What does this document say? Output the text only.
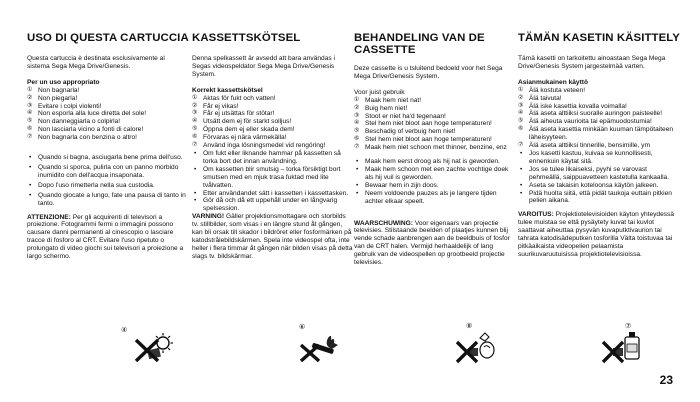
USO DI QUESTA CARTUCCIA

Questa cartuccia è destinata esclusivamente al sistema Sega Mega Drive/Genesis.

Per un uso appropriato

① Non bagnarla!
② Non piegarla!
③ Evitare i colpi violenti!
④ Non esporla alla luce diretta del sole!
⑤ Non danneggiarla o colpirla!
⑥ Non lasciarla vicino a fonti di calore!
⑦ Non bagnarla con benzina o altro!
• Quando si bagna, asciugarla bene prima dell'uso.
• Quando si sporca, pulirla con un panno morbido inumidito con dell'acqua insaponata.
• Dopo l'uso rimetterla nella sua custodia.
• Quando giocate a lungo, fate una pausa di tanto in tanto.

ATTENZIONE: Per gli acquirenti di televisori a proiezione. Fotogrammi fermi o immagini possono causare danni permanenti al cinescopio o lasciare tracce di fosforo al CRT. Evitare l'uso ripetuto o prolungato di video giochi sui televisori a proiezione a largo schermo.

KASSETTSKÖTSEL

Denna spelkassett är avsedd att bara användas i Segas videospeldator Sega Mega Drive/Genesis System.

Korrekt kassettskötsel

① Aktas för fukt och vatten!
② Får ej vikas!
③ Får ej utsättas för stötar!
④ Utsätt dem ej för starkt solljus!
⑤ Öppna dem ej eller skada dem!
⑥ Förvaras ej nära värmekälla!
⑦ Använd inga lösningsmedel vid rengöring!
• Om fukt eller liknande hammar på kassetten så torka bort det innan användning.
• Om kassetten blir smutsig – torka försiktigt bort smutsen med en mjuk trasa fuktad med lite tvålvatten.
• Etter användandet sätt i kassetten i kassettasken.
• Gör då och då ett uppehåll under en långvarig spelsession.

VARNING! Gäller projektionsmottagare och storbilds tv. stillbilder, som visas i en längre stund åt gången, kan bli orsak till skador i bildröret eller fosformärken på katodstrålebildskärmen. Spela inte videospel ofta, inte heller i flera timmar åt gången när bilden visas på detta slags tv. bildskärmar.

BEHANDELING VAN DE CASSETTE

Deze cassette is u tsluitend bedoeld voor het Sega Mega Drive/Genesis System.

Voor juist gebruik

① Maak hem niet nat!
② Buig hem niet!
③ Stoot er niet ha'd tegenaan!
④ Stel hem niet bloot aan hoge temperaturen!
⑤ Beschadig of verbuig hem niet!
⑥ Stel hem niet bloot aan hoge temperaturen!
⑦ Maak hem niet schoon met thinner, benzine, enz
• Maak hem eerst droog als hij nat is geworden.
• Maak hem schoon met een zachte vochtige doek als hij vuil is geworden.
• Bewaar hem in zijn doos.
• Neem voldoende pauzes als je langere tijden achter elkaar speelt.

WAARSCHUWING: Voor eigenaars van projectie televisies. Stilstaande beelden of plaatjes kunnen blij vende schade aanbrengen aan de beeldbuis of fosfor van de CRT halen. Vermijd herhaaldelijk of lang gebruik van de videospellen op grootbeeld projectie televisies.

TÄMÄN KASETIN KÄSITTELY

Tämä kasetti on tarkoitettu ainoastaan Sega Mega Drive/Genesis System jargestelmää varten.

Asianmukainen käyttö

① Älä kostuta veteen!
② Älä taivuta!
③ Älä iske kasettia kovalla voimalla!
④ Älä aseta alttiiksi suoralle auringon paisteelle!
⑤ Älä aiheuta vaurioita tai epämuodostumia!
⑥ Älä aseta kasettia minkään kuuman tämpötaiteen läheisyyteen.
⑦ Älä aseta alttiiksi tinnerille, bensimille, ym
• Jos kasetti kastuu, kuivaa se kunnollisesti, ennenkuin käytat sitä.
• Jos se tulee likaiseksi, pyyhi se varovast pehmeällä, saippuavetteen kastetulla kankaalla.
• Aseta se takaisin koteloonsa käytön jalkeen.
• Pidä huolta siitä, että pidät taukoja euttain pitkien pelien aikana.

VAROITUS: Projektiotelevisioiden käyton yhteydessä tulee muistaa se että pysäytety kuvat tai kuvlot saattavat aiheuttaa pysyvän kuvaputktivaurion tai tahrata katodisädeputken tosforilla Välta toistuvaa tai pitkäaikaista videopelien pelaamista suurikuvaruutuisissa projektiotelevisioissa.

④	⑥	⑧	⑦
23
